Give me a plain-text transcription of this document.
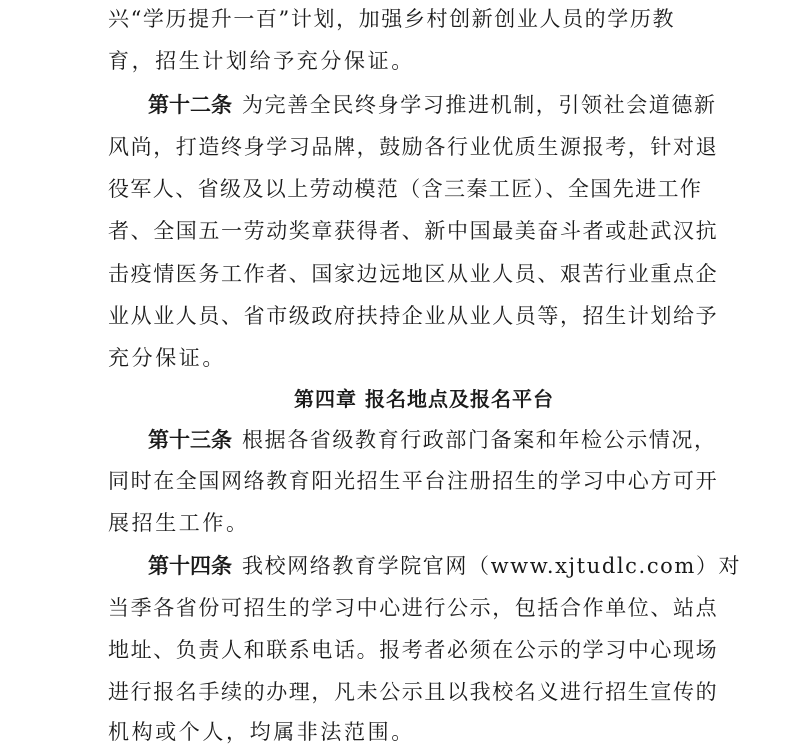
兴“学历提升一百”计划，加强乡村创新创业人员的学历教
育，招生计划给予充分保证。
第十二条 为完善全民终身学习推进机制，引领社会道德新
风尚，打造终身学习品牌，鼓励各行业优质生源报考，针对退
役军人、省级及以上劳动模范（含三秦工匠）、全国先进工作
者、全国五一劳动奖章获得者、新中国最美奋斗者或赴武汉抗
击疫情医务工作者、国家边远地区从业人员、艰苦行业重点企
业从业人员、省市级政府扶持企业从业人员等，招生计划给予
充分保证。
第四章 报名地点及报名平台
第十三条 根据各省级教育行政部门备案和年检公示情况，
同时在全国网络教育阳光招生平台注册招生的学习中心方可开
展招生工作。
第十四条 我校网络教育学院官网（www.xjtudlc.com）对
当季各省份可招生的学习中心进行公示，包括合作单位、站点
地址、负责人和联系电话。报考者必须在公示的学习中心现场
进行报名手续的办理，凡未公示且以我校名义进行招生宣传的
机构或个人，均属非法范围。
